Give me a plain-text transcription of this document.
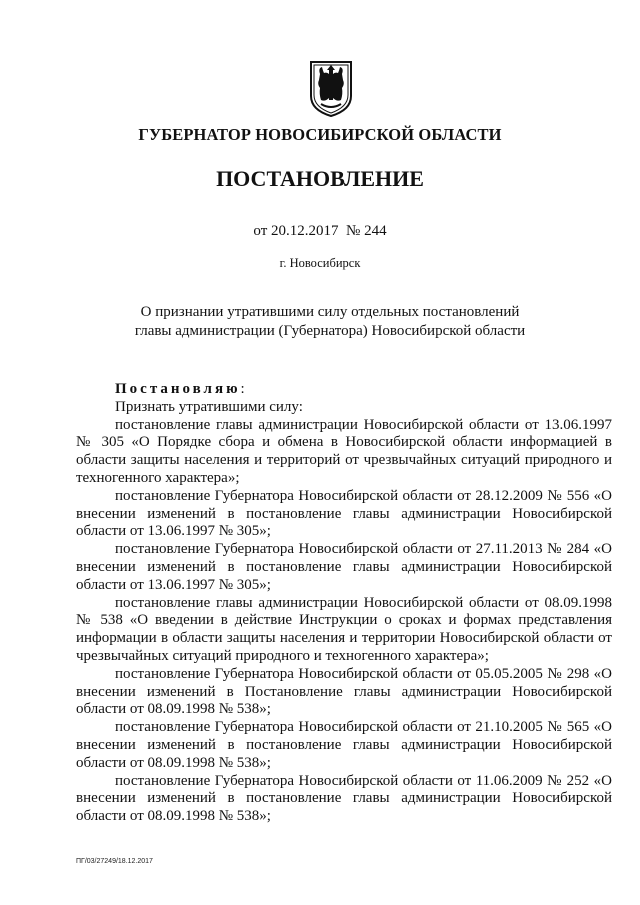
ГУБЕРНАТОР НОВОСИБИРСКОЙ ОБЛАСТИ
ПОСТАНОВЛЕНИЕ
от 20.12.2017  № 244
г. Новосибирск
О признании утратившими силу отдельных постановлений
главы администрации (Губернатора) Новосибирской области

Постановляю:

Признать утратившими силу:

постановление главы администрации Новосибирской области от 13.06.1997 № 305 «О Порядке сбора и обмена в Новосибирской области информацией в области защиты населения и территорий от чрезвычайных ситуаций природного и техногенного характера»;

постановление Губернатора Новосибирской области от 28.12.2009 № 556 «О внесении изменений в постановление главы администрации Новосибирской области от 13.06.1997 № 305»;

постановление Губернатора Новосибирской области от 27.11.2013 № 284 «О внесении изменений в постановление главы администрации Новосибирской области от 13.06.1997 № 305»;

постановление главы администрации Новосибирской области от 08.09.1998 № 538 «О введении в действие Инструкции о сроках и формах представления информации в области защиты населения и территории Новосибирской области от чрезвычайных ситуаций природного и техногенного характера»;

постановление Губернатора Новосибирской области от 05.05.2005 № 298 «О внесении изменений в Постановление главы администрации Новосибирской области от 08.09.1998 № 538»;

постановление Губернатора Новосибирской области от 21.10.2005 № 565 «О внесении изменений в постановление главы администрации Новосибирской области от 08.09.1998 № 538»;

постановление Губернатора Новосибирской области от 11.06.2009 № 252 «О внесении изменений в постановление главы администрации Новосибирской области от 08.09.1998 № 538»;

ПГ/03/27249/18.12.2017
